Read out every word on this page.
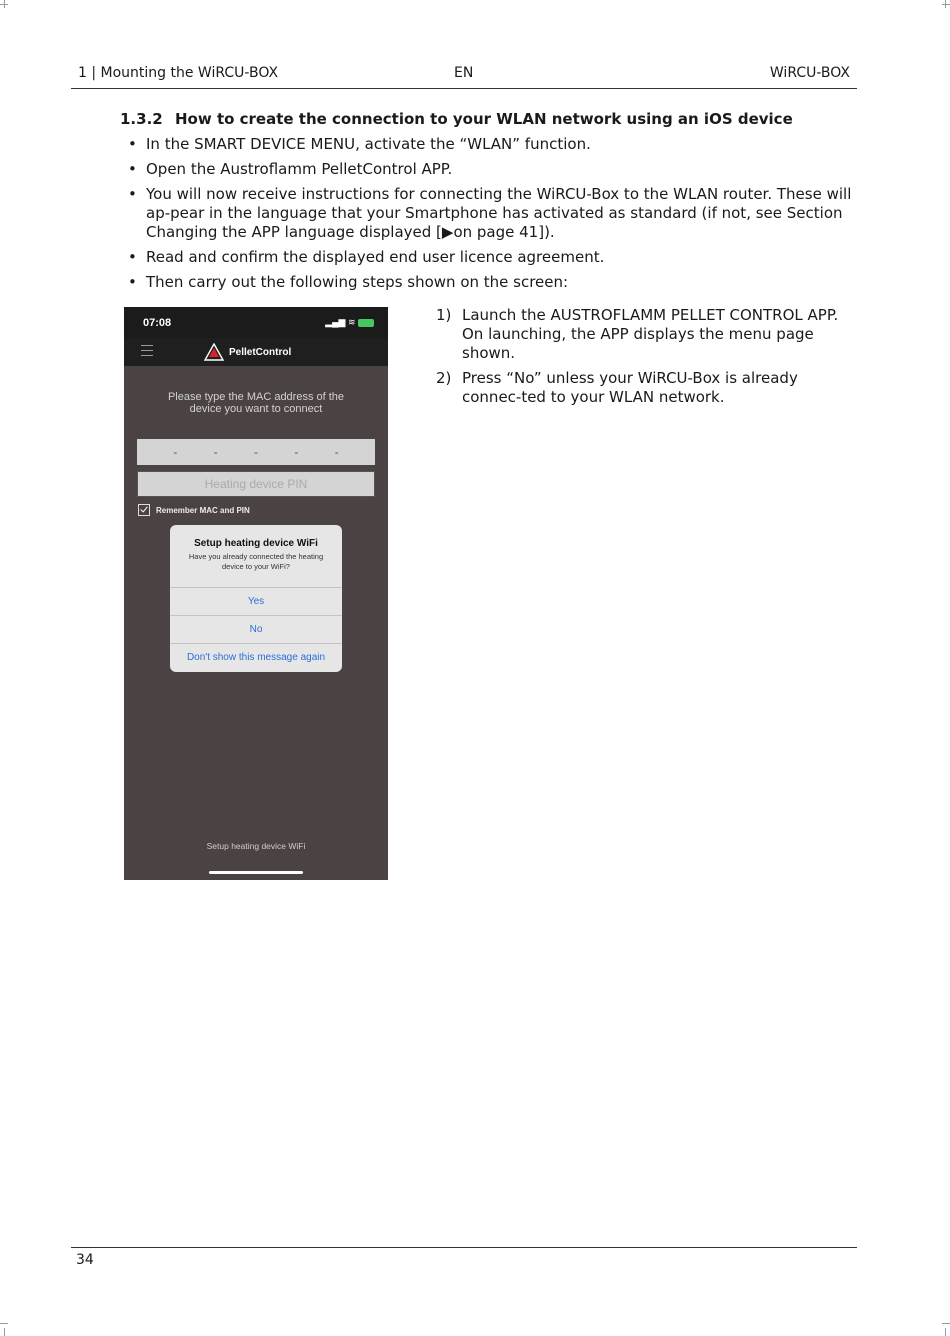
1 | Mounting the WiRCU-BOX	EN	WiRCU-BOX
1.3.2 How to create the connection to your WLAN network using an iOS device
• In the SMART DEVICE MENU, activate the “WLAN” function.
• Open the Austroflamm PelletControl APP.
• You will now receive instructions for connecting the WiRCU-Box to the WLAN router. These will ap-pear in the language that your Smartphone has activated as standard (if not, see Section Changing the APP language displayed [▶on page 41]).
• Read and confirm the displayed end user licence agreement.
• Then carry out the following steps shown on the screen:
07:08	▂▄▆ ≋
PelletControl
Please type the MAC address of the device you want to connect
-	-	-	-	-
Heating device PIN
Remember MAC and PIN
Setup heating device WiFi
Have you already connected the heating device to your WiFi?
Yes
No
Don't show this message again
Setup heating device WiFi
1) Launch the AUSTROFLAMM PELLET CONTROL APP. On launching, the APP displays the menu page shown.
2) Press “No” unless your WiRCU-Box is already connec-ted to your WLAN network.
34
